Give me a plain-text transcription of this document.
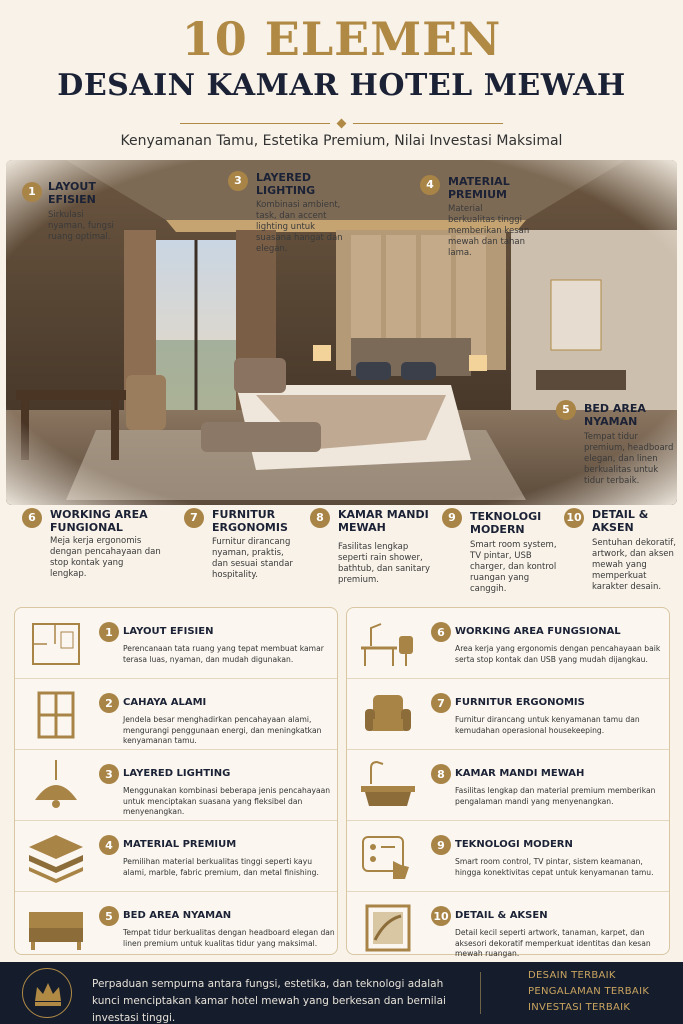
10 ELEMEN
DESAIN KAMAR HOTEL MEWAH
Kenyamanan Tamu, Estetika Premium, Nilai Investasi Maksimal
1	LAYOUT EFISIEN
Sirkulasi nyaman, fungsi ruang optimal.
3	LAYERED LIGHTING
Kombinasi ambient, task, dan accent lighting untuk suasana hangat dan elegan.
4	MATERIAL PREMIUM
Material berkualitas tinggi memberikan kesan mewah dan tahan lama.
5	BED AREA NYAMAN
Tempat tidur premium, headboard elegan, dan linen berkualitas untuk tidur terbaik.
6	WORKING AREA FUNGIONAL
Meja kerja ergonomis dengan pencahayaan dan stop kontak yang lengkap.
7	FURNITUR ERGONOMIS
Furnitur dirancang nyaman, praktis, dan sesuai standar hospitality.
8	KAMAR MANDI MEWAH
Fasilitas lengkap seperti rain shower, bathtub, dan sanitary premium.
9	TEKNOLOGI MODERN
Smart room system, TV pintar, USB charger, dan kontrol ruangan yang canggih.
10 DETAIL & AKSEN
Sentuhan dekoratif, artwork, dan aksen mewah yang memperkuat karakter desain.
1	LAYOUT EFISIEN
Perencanaan tata ruang yang tepat membuat kamar terasa luas, nyaman, dan mudah digunakan.
2	CAHAYA ALAMI
Jendela besar menghadirkan pencahayaan alami, mengurangi penggunaan energi, dan meningkatkan kenyamanan tamu.
3	LAYERED LIGHTING
Menggunakan kombinasi beberapa jenis pencahayaan untuk menciptakan suasana yang fleksibel dan menyenangkan.
4	MATERIAL PREMIUM
Pemilihan material berkualitas tinggi seperti kayu alami, marble, fabric premium, dan metal finishing.
5	BED AREA NYAMAN
Tempat tidur berkualitas dengan headboard elegan dan linen premium untuk kualitas tidur yang maksimal.
6	WORKING AREA FUNGSIONAL
Area kerja yang ergonomis dengan pencahayaan baik serta stop kontak dan USB yang mudah dijangkau.
7	FURNITUR ERGONOMIS
Furnitur dirancang untuk kenyamanan tamu dan kemudahan operasional housekeeping.
8	KAMAR MANDI MEWAH
Fasilitas lengkap dan material premium memberikan pengalaman mandi yang menyenangkan.
9	TEKNOLOGI MODERN
Smart room control, TV pintar, sistem keamanan, hingga konektivitas cepat untuk kenyamanan tamu.
10 DETAIL & AKSEN
Detail kecil seperti artwork, tanaman, karpet, dan aksesori dekoratif memperkuat identitas dan kesan mewah ruangan.
Perpaduan sempurna antara fungsi, estetika, dan teknologi adalah kunci menciptakan kamar hotel mewah yang berkesan dan bernilai investasi tinggi.
DESAIN TERBAIK
PENGALAMAN TERBAIK
INVESTASI TERBAIK
